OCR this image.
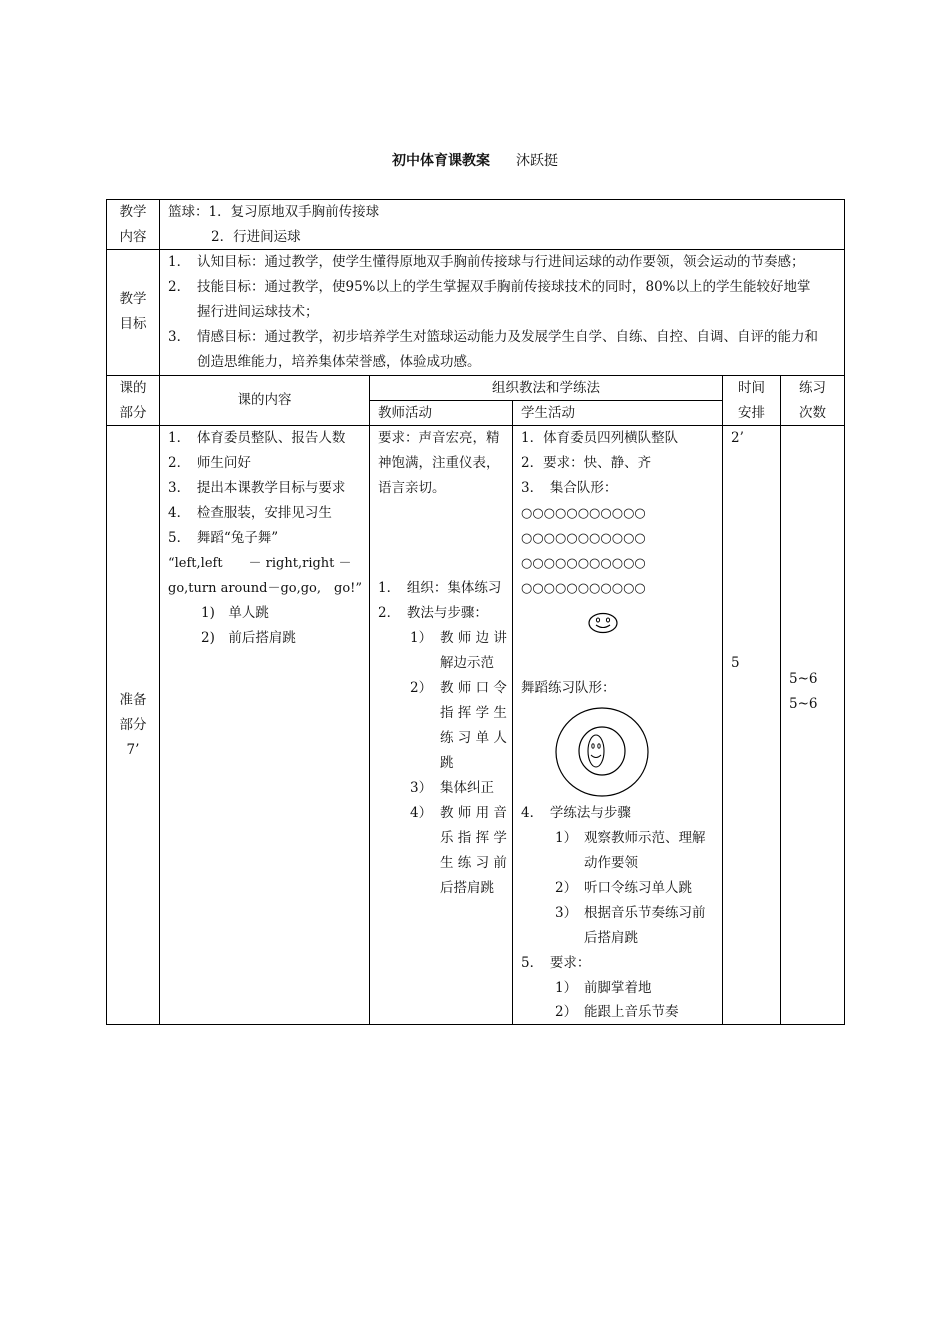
初中体育课教案 沐跃挺
教学
内容
篮球：1．复习原地双手胸前传接球
2．行进间运球
教学
目标
1． 认知目标：通过教学，使学生懂得原地双手胸前传接球与行进间运球的动作要领，领会运动的节奏感；
2． 技能目标：通过教学，使95%以上的学生掌握双手胸前传接球技术的同时，80%以上的学生能较好地掌
握行进间运球技术；
3． 情感目标：通过教学，初步培养学生对篮球运动能力及发展学生自学、自练、自控、自调、自评的能力和
创造思维能力，培养集体荣誉感，体验成功感。
课的
部分
课的内容
组织教法和学练法
教师活动	学生活动
时间
安排
练习
次数
准备
部分
7’
1．　体育委员整队、报告人数
2．　师生问好
3．　提出本课教学目标与要求
4．　检查服装，安排见习生
5．　舞蹈“兔子舞”
“left,left　　－ right,right －
go,turn around－go,go,　go!”
1)　单人跳
2)　前后搭肩跳
要求：声音宏亮，精
神饱满，注重仪表，
语言亲切。
1．　组织：集体练习
2．　教法与步骤：
1） 教 师 边 讲
解边示范
2） 教 师 口 令
指 挥 学 生
练 习 单 人
跳
3） 集体纠正
4） 教 师 用 音
乐 指 挥 学
生 练 习 前
后搭肩跳
1．体育委员四列横队整队
2．要求：快、静、齐
3．　集合队形：
○○○○○○○○○○○
○○○○○○○○○○○
○○○○○○○○○○○
○○○○○○○○○○○
舞蹈练习队形：
4．　学练法与步骤
1） 观察教师示范、理解
动作要领
2） 听口令练习单人跳
3） 根据音乐节奏练习前
后搭肩跳
5．　要求：
1） 前脚掌着地
2） 能跟上音乐节奏
2’
5
5~6
5~6
